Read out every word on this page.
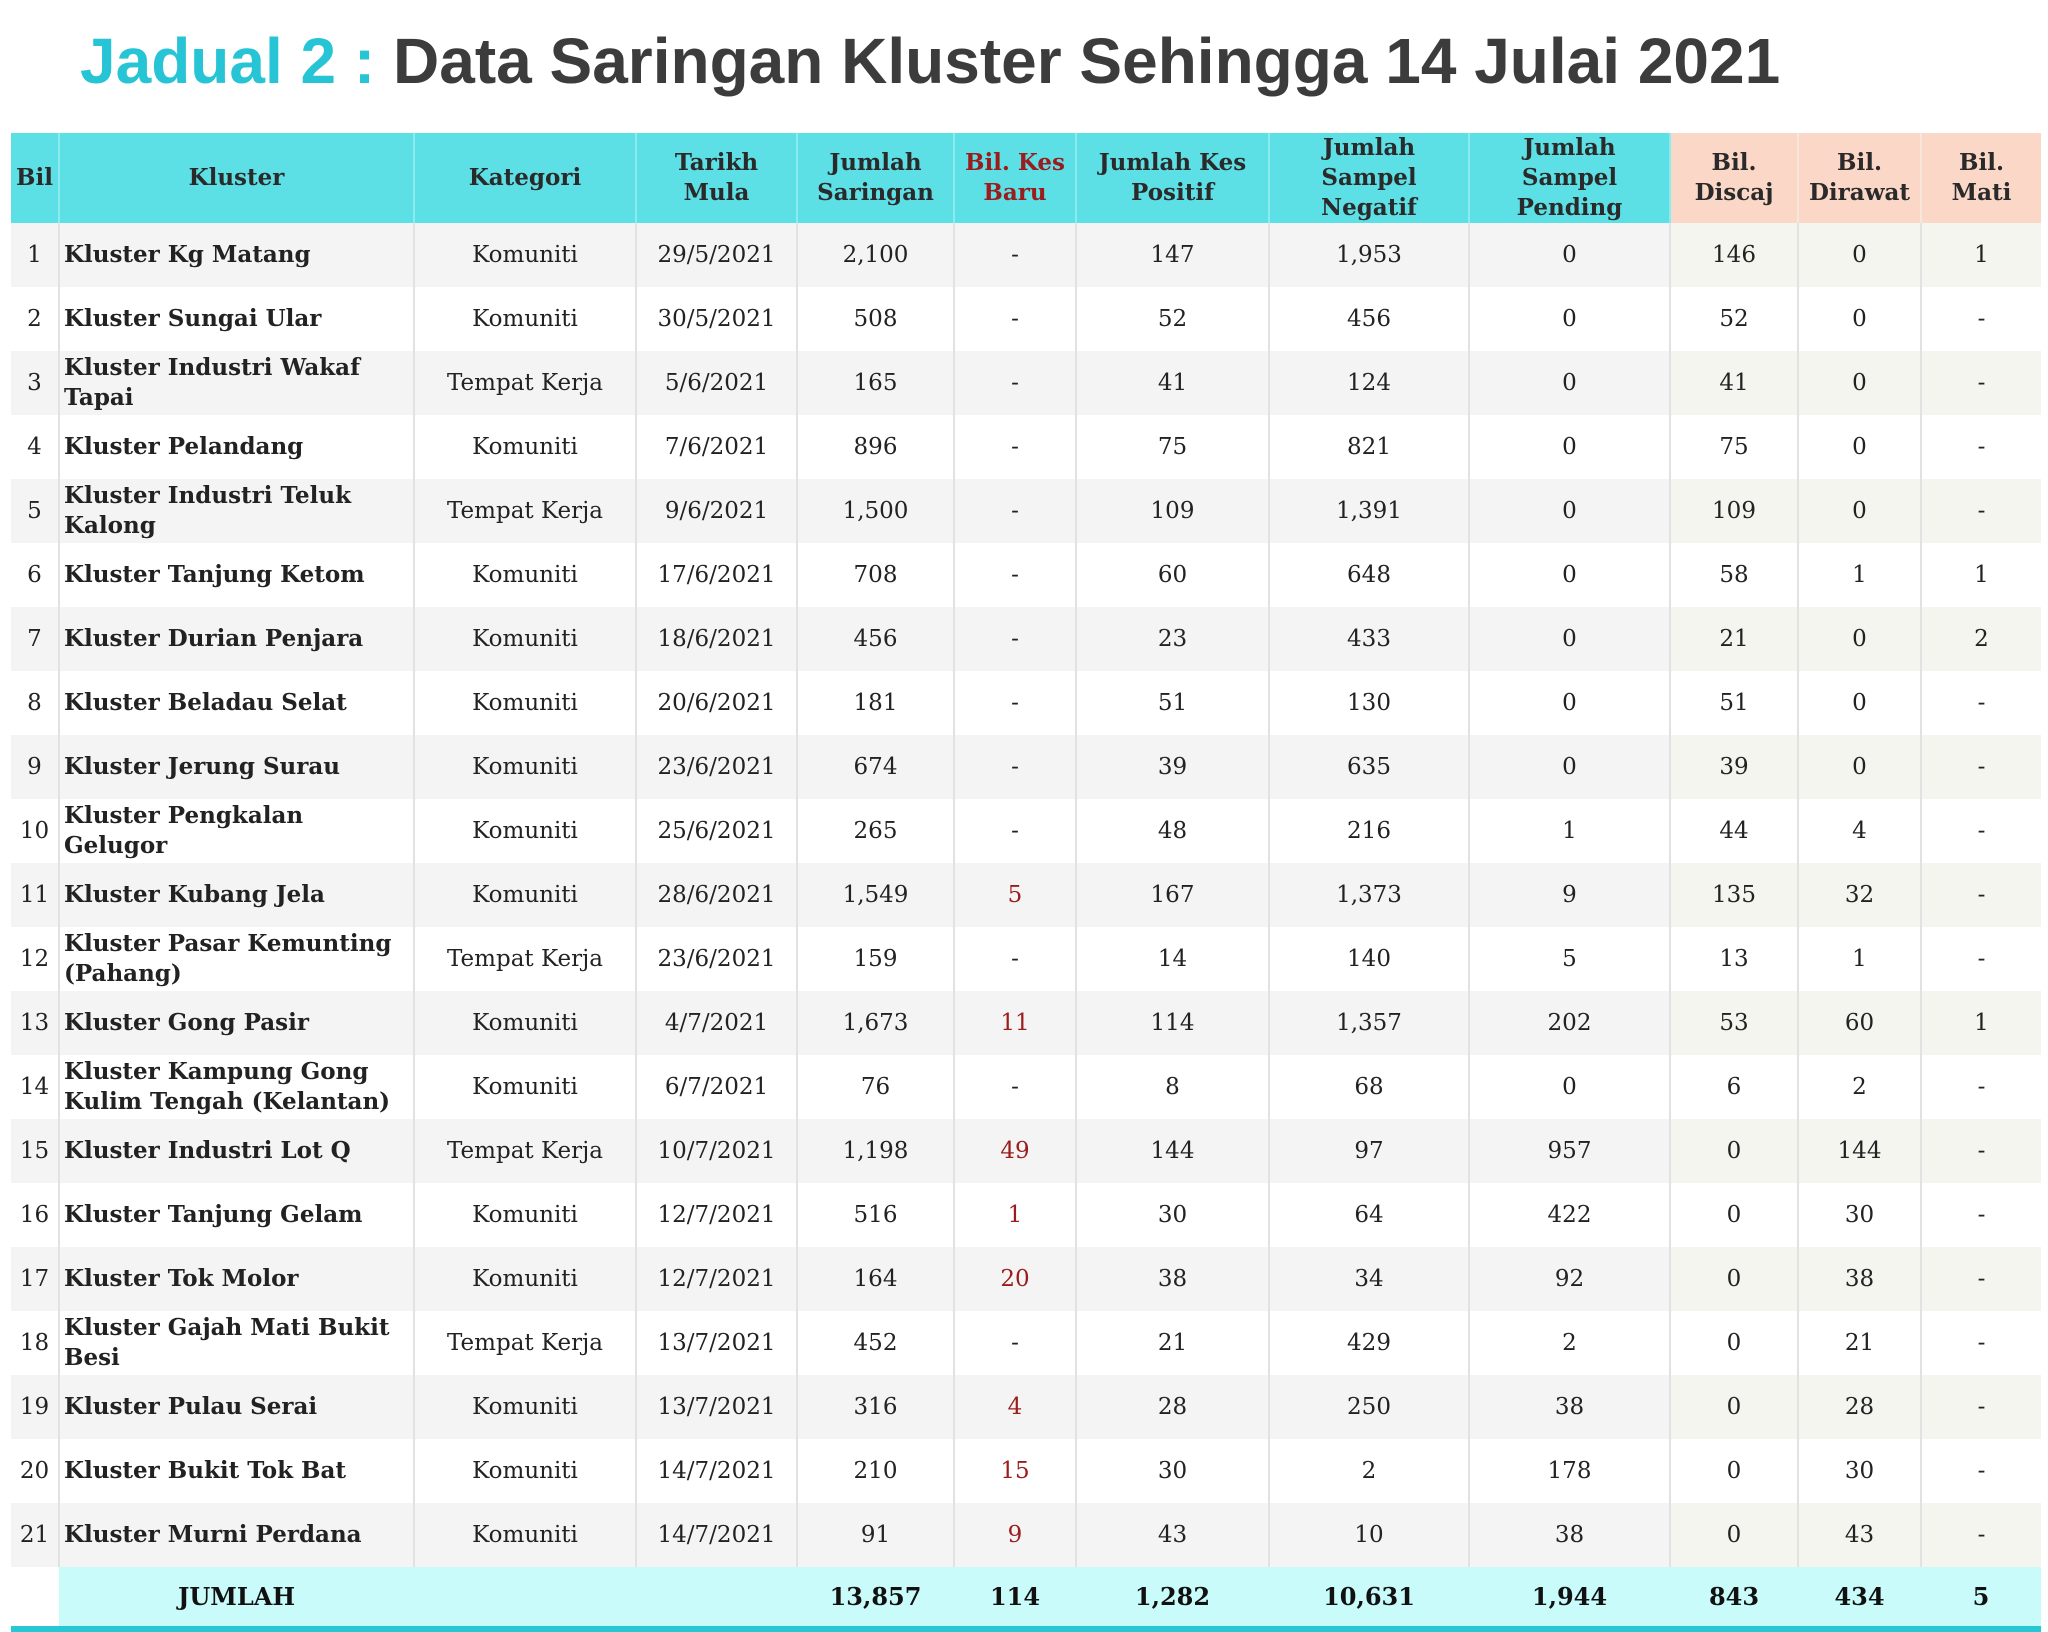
Jadual 2 : Data Saringan Kluster Sehingga 14 Julai 2021
Bil	Kluster	Kategori	Tarikh Mula	Jumlah Saringan	Bil. Kes Baru	Jumlah Kes Positif	Jumlah Sampel Negatif	Jumlah Sampel Pending	Bil. Discaj	Bil. Dirawat	Bil. Mati
1	Kluster Kg Matang	Komuniti	29/5/2021	2,100	-	147	1,953	0	146	0	1
2	Kluster Sungai Ular	Komuniti	30/5/2021	508	-	52	456	0	52	0	-
3	Kluster Industri Wakaf Tapai	Tempat Kerja	5/6/2021	165	-	41	124	0	41	0	-
4	Kluster Pelandang	Komuniti	7/6/2021	896	-	75	821	0	75	0	-
5	Kluster Industri Teluk Kalong	Tempat Kerja	9/6/2021	1,500	-	109	1,391	0	109	0	-
6	Kluster Tanjung Ketom	Komuniti	17/6/2021	708	-	60	648	0	58	1	1
7	Kluster Durian Penjara	Komuniti	18/6/2021	456	-	23	433	0	21	0	2
8	Kluster Beladau Selat	Komuniti	20/6/2021	181	-	51	130	0	51	0	-
9	Kluster Jerung Surau	Komuniti	23/6/2021	674	-	39	635	0	39	0	-
10	Kluster Pengkalan Gelugor	Komuniti	25/6/2021	265	-	48	216	1	44	4	-
11	Kluster Kubang Jela	Komuniti	28/6/2021	1,549	5	167	1,373	9	135	32	-
12	Kluster Pasar Kemunting (Pahang)	Tempat Kerja	23/6/2021	159	-	14	140	5	13	1	-
13	Kluster Gong Pasir	Komuniti	4/7/2021	1,673	11	114	1,357	202	53	60	1
14	Kluster Kampung Gong Kulim Tengah (Kelantan)	Komuniti	6/7/2021	76	-	8	68	0	6	2	-
15	Kluster Industri Lot Q	Tempat Kerja	10/7/2021	1,198	49	144	97	957	0	144	-
16	Kluster Tanjung Gelam	Komuniti	12/7/2021	516	1	30	64	422	0	30	-
17	Kluster Tok Molor	Komuniti	12/7/2021	164	20	38	34	92	0	38	-
18	Kluster Gajah Mati Bukit Besi	Tempat Kerja	13/7/2021	452	-	21	429	2	0	21	-
19	Kluster Pulau Serai	Komuniti	13/7/2021	316	4	28	250	38	0	28	-
20	Kluster Bukit Tok Bat	Komuniti	14/7/2021	210	15	30	2	178	0	30	-
21	Kluster Murni Perdana	Komuniti	14/7/2021	91	9	43	10	38	0	43	-
	JUMLAH			13,857	114	1,282	10,631	1,944	843	434	5
